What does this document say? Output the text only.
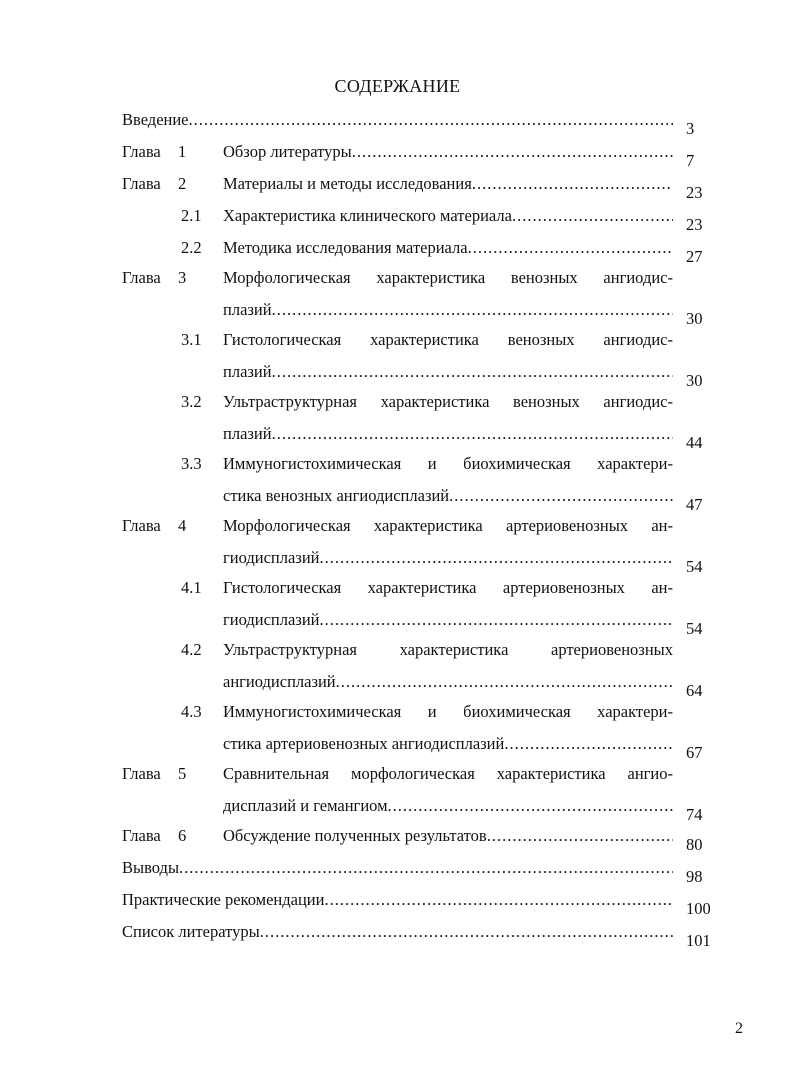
СОДЕРЖАНИЕ
Введение .....	3
Глава 1 Обзор литературы .....	7
Глава 2 Материалы и методы исследования .....	23
2.1 Характеристика клинического материала .....	23
2.2 Методика исследования материала .....	27
Глава 3 Морфологическая характеристика венозных ангиодис-
плазий .....	30
3.1 Гистологическая характеристика венозных ангиодис-
плазий .....	30
3.2 Ультраструктурная характеристика венозных ангиодис-
плазий .....	44
3.3 Иммуногистохимическая и биохимическая характери-
стика венозных ангиодисплазий .....	47
Глава 4 Морфологическая характеристика артериовенозных ан-
гиодисплазий .....	54
4.1 Гистологическая характеристика артериовенозных ан-
гиодисплазий .....	54
4.2 Ультраструктурная характеристика артериовенозных
ангиодисплазий .....	64
4.3 Иммуногистохимическая и биохимическая характери-
стика артериовенозных ангиодисплазий .....	67
Глава 5 Сравнительная морфологическая характеристика ангио-
дисплазий и гемангиом .....	74
Глава 6 Обсуждение полученных результатов .....	80
Выводы .....	98
Практические рекомендации .....	100
Список литературы .....	101
2
